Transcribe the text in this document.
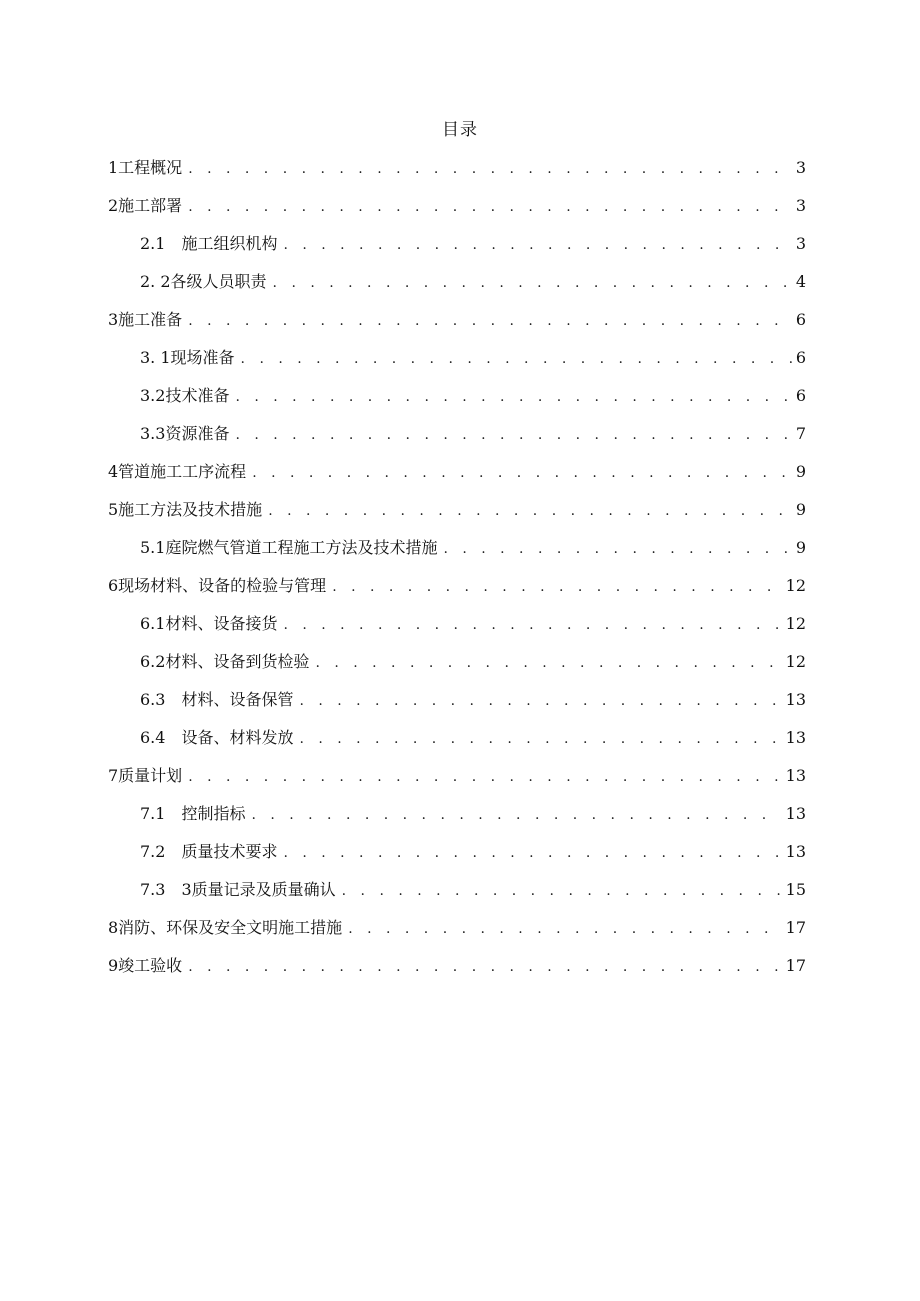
目录
1工程概况 . . .	3
2施工部署 . . .	3
2.1　施工组织机构 . . .	3
2. 2各级人员职责 . . .	4
3施工准备 . . .	6
3. 1现场准备 . . .	6
3.2技术准备 . . .	6
3.3资源准备 . . .	7
4管道施工工序流程 . . .	9
5施工方法及技术措施 . . .	9
5.1庭院燃气管道工程施工方法及技术措施 . . .	9
6现场材料、设备的检验与管理 . . .	12
6.1材料、设备接货 . . .	12
6.2材料、设备到货检验 . . .	12
6.3　材料、设备保管 . . .	13
6.4　设备、材料发放 . . .	13
7质量计划 . . .	13
7.1　控制指标 . . .	13
7.2　质量技术要求 . . .	13
7.3　3质量记录及质量确认 . . .	15
8消防、环保及安全文明施工措施 . . .	17
9竣工验收 . . .	17
